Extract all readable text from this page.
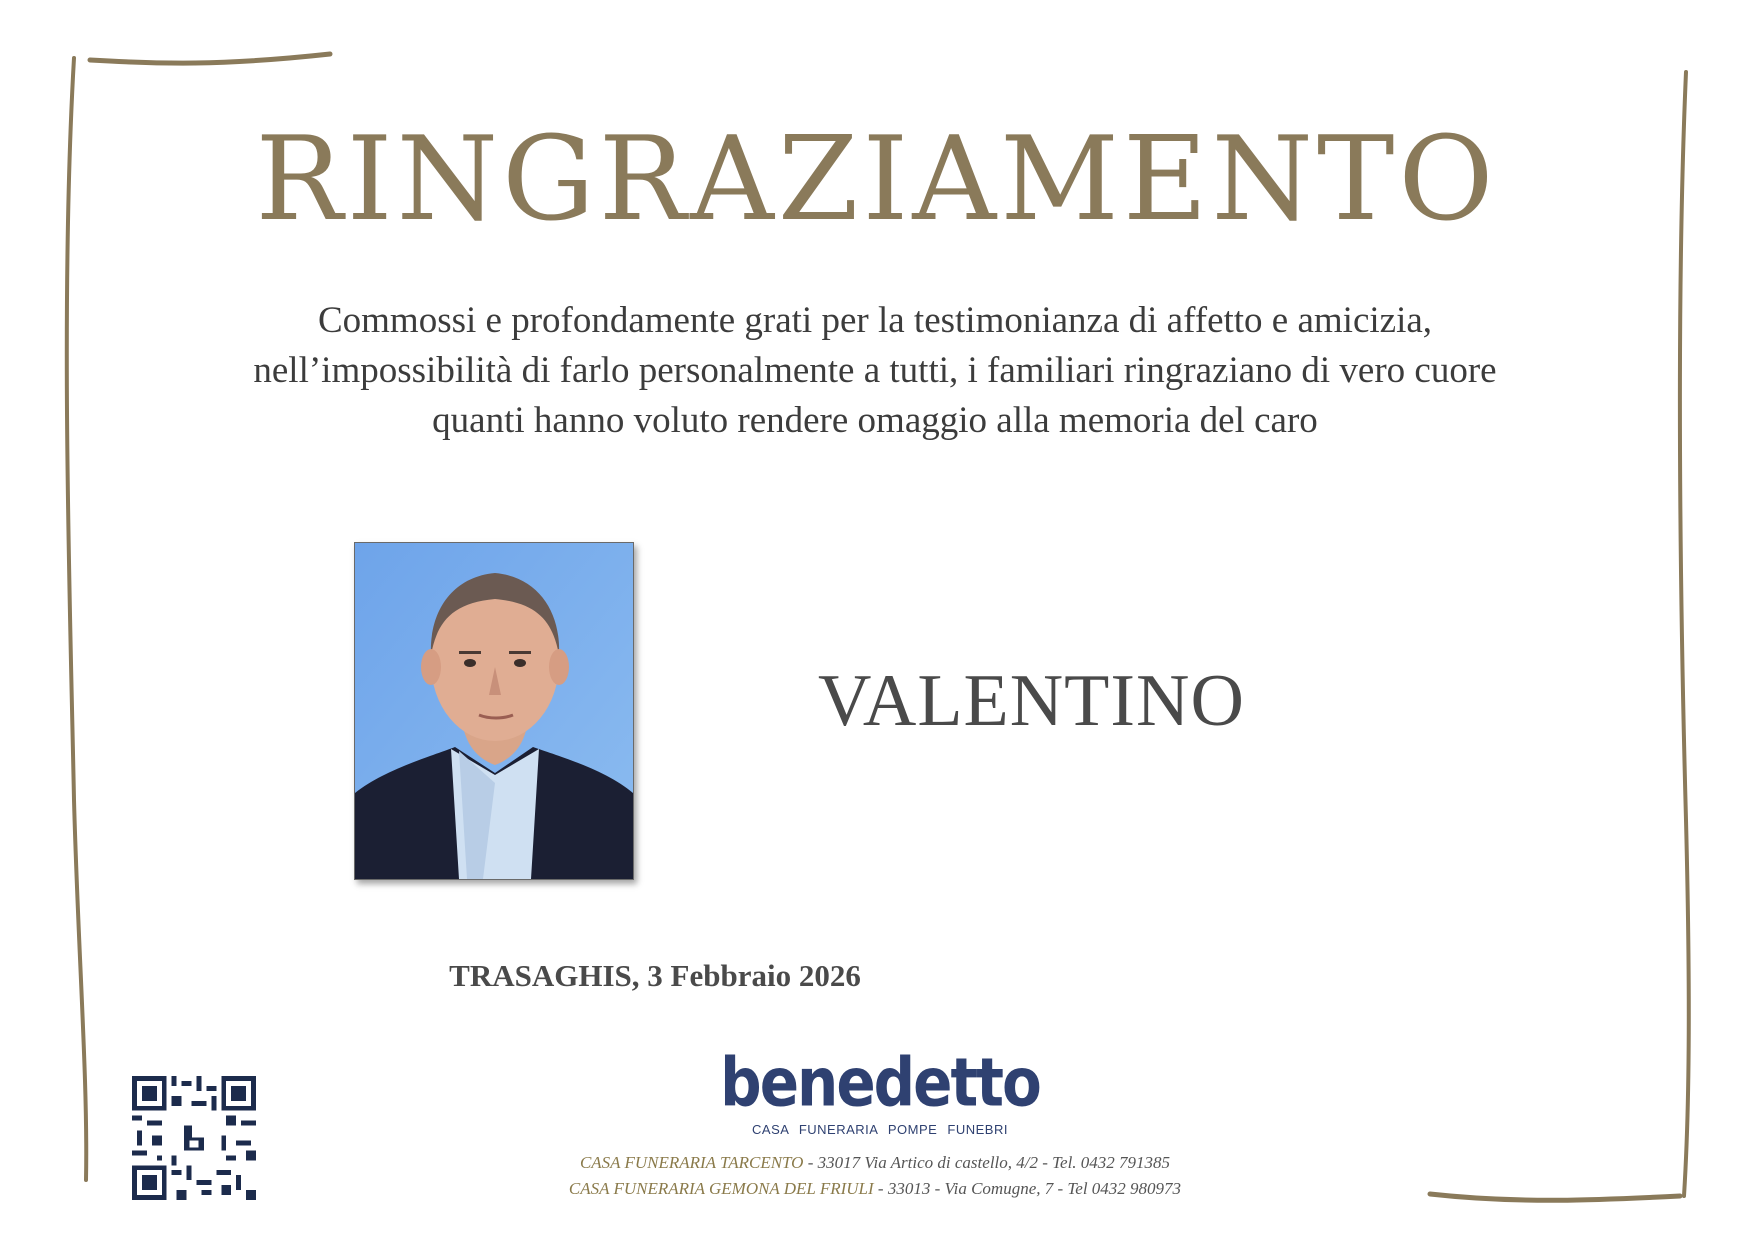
RINGRAZIAMENTO
Commossi e profondamente grati per la testimonianza di affetto e amicizia,
nell’impossibilità di farlo personalmente a tutti, i familiari ringraziano di vero cuore
quanti hanno voluto rendere omaggio alla memoria del caro
VALENTINO
TRASAGHIS, 3 Febbraio 2026
benedetto
CASA FUNERARIA POMPE FUNEBRI
CASA FUNERARIA TARCENTO - 33017 Via Artico di castello, 4/2 - Tel. 0432 791385
CASA FUNERARIA GEMONA DEL FRIULI - 33013 - Via Comugne, 7 - Tel 0432 980973
